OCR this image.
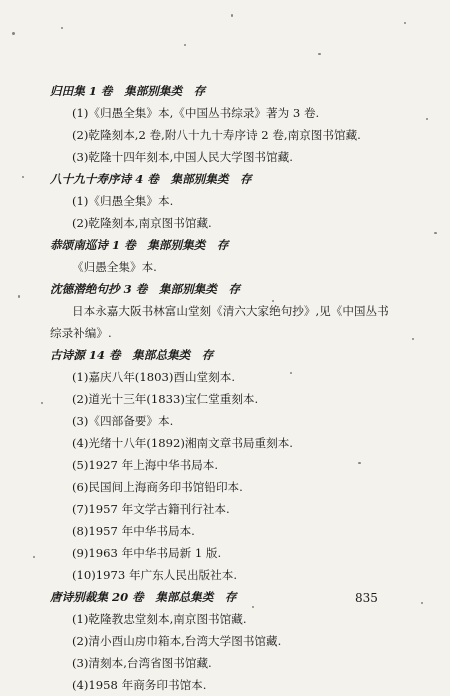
归田集 1 卷　集部别集类　存
(1)《归愚全集》本,《中国丛书综录》著为 3 卷.
(2)乾隆刻本,2 卷,附八十九十寿序诗 2 卷,南京图书馆藏.
(3)乾隆十四年刻本,中国人民大学图书馆藏.
八十九十寿序诗 4 卷　集部别集类　存
(1)《归愚全集》本.
(2)乾隆刻本,南京图书馆藏.
恭颂南巡诗 1 卷　集部别集类　存
《归愚全集》本.
沈德潜绝句抄 3 卷　集部别集类　存
日本永嘉大阪书林富山堂刻《清六大家绝句抄》,见《中国丛书
综录补编》.
古诗源 14 卷　集部总集类　存
(1)嘉庆八年(1803)酉山堂刻本.
(2)道光十三年(1833)宝仁堂重刻本.
(3)《四部备要》本.
(4)光绪十八年(1892)湘南文章书局重刻本.
(5)1927 年上海中华书局本.
(6)民国间上海商务印书馆铅印本.
(7)1957 年文学古籍刊行社本.
(8)1957 年中华书局本.
(9)1963 年中华书局新 1 版.
(10)1973 年广东人民出版社本.
唐诗别裁集 20 卷　集部总集类　存
(1)乾隆教忠堂刻本,南京图书馆藏.
(2)清小酉山房巾箱本,台湾大学图书馆藏.
(3)清刻本,台湾省图书馆藏.
(4)1958 年商务印书馆本.
835
